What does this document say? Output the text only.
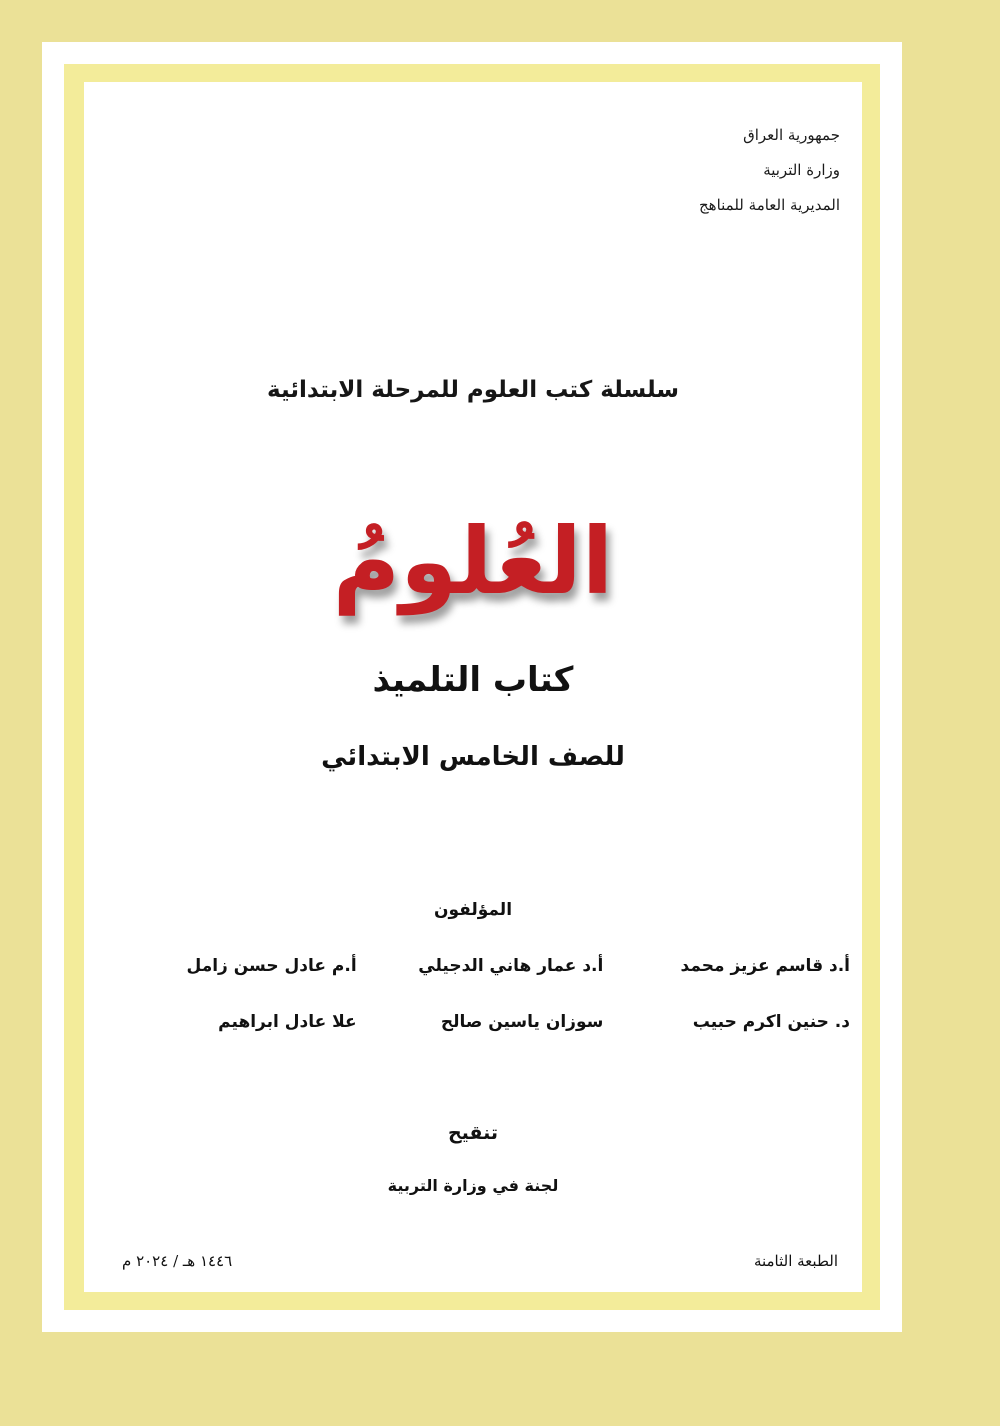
جمهورية العراق
وزارة التربية
المديرية العامة للمناهج
سلسلة كتب العلوم للمرحلة الابتدائية
العُلومُ
كتاب التلميذ
للصف الخامس الابتدائي
المؤلفون
أ.د قاسم عزيز محمد
أ.د عمار هاني الدجيلي
أ.م عادل حسن زامل
د. حنين اكرم حبيب
سوزان ياسين صالح
علا عادل ابراهيم
تنقيح
لجنة في وزارة التربية
الطبعة الثامنة
١٤٤٦ هـ / ٢٠٢٤ م
